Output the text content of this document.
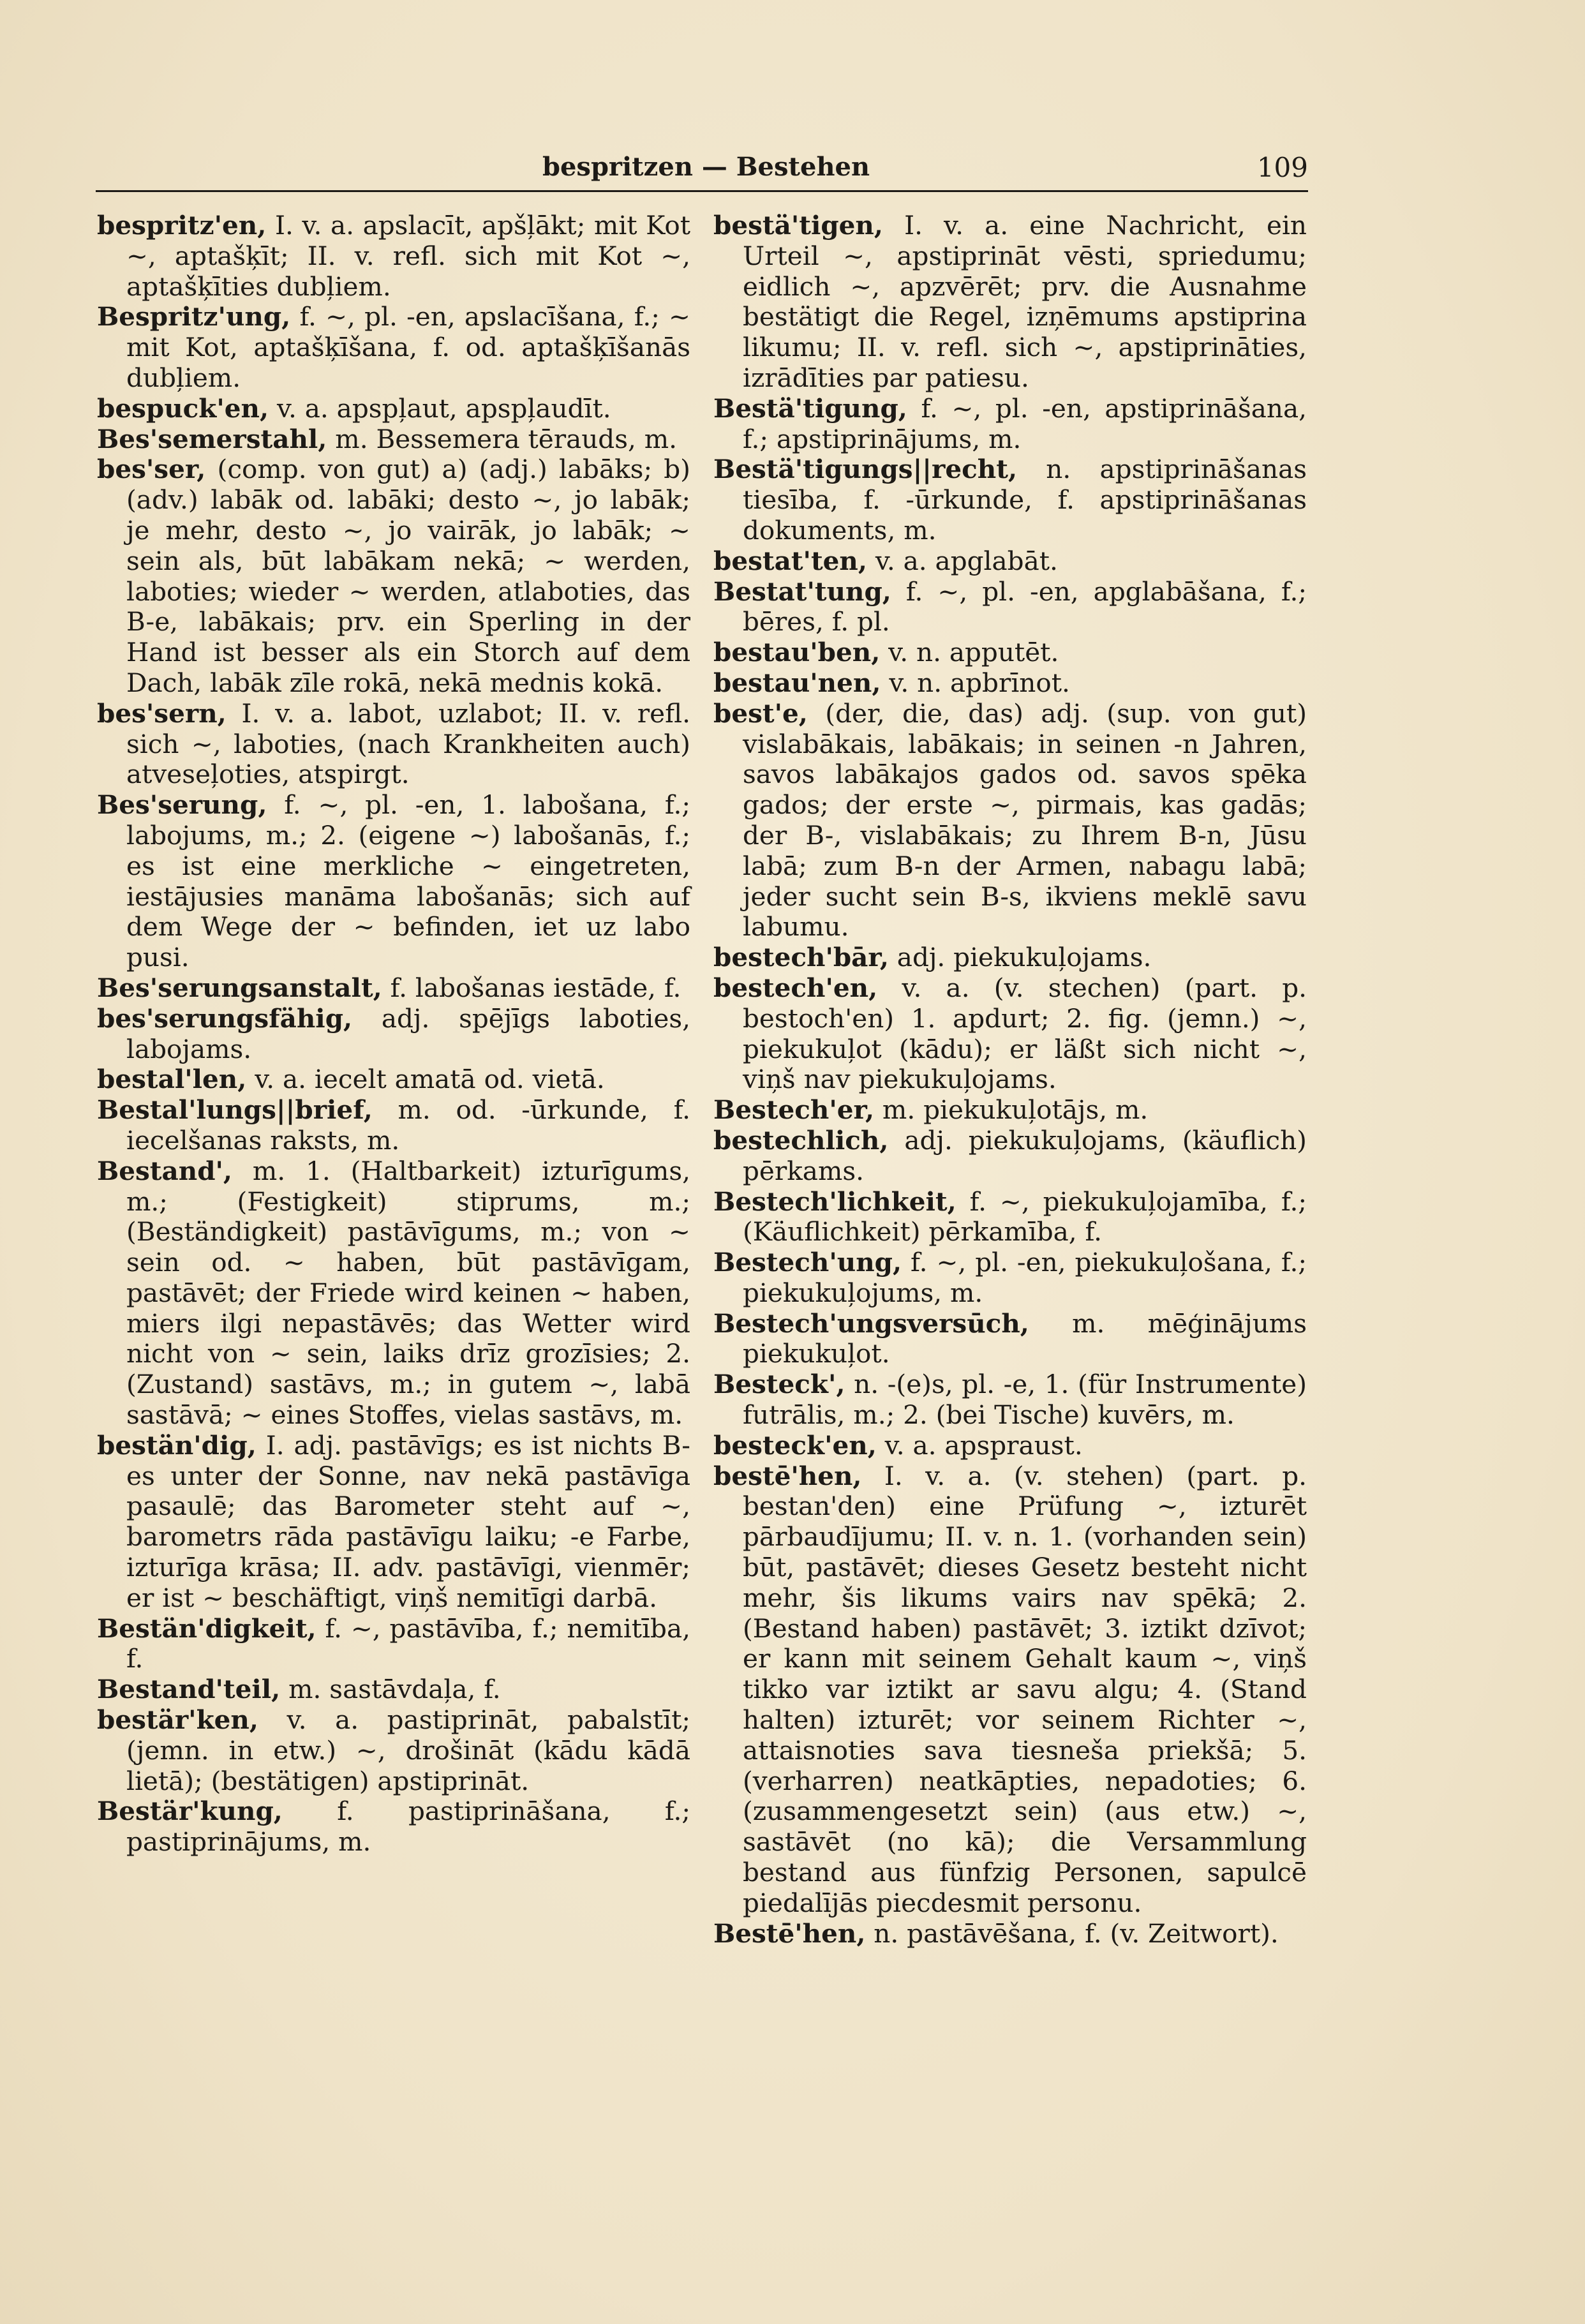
bespritzen — Bestehen	109

bespritz'en, I. v. a. apslacīt, apšļākt; mit Kot ~, aptašķīt; II. v. refl. sich mit Kot ~, aptašķīties dubļiem.

Bespritz'ung, f. ~, pl. -en, apslacīšana, f.; ~ mit Kot, aptašķīšana, f. od. aptašķīšanās dubļiem.

bespuck'en, v. a. apspļaut, apspļaudīt.

Bes'semerstahl, m. Bessemera tērauds, m.

bes'ser, (comp. von gut) a) (adj.) labāks; b) (adv.) labāk od. labāki; desto ~, jo labāk; je mehr, desto ~, jo vairāk, jo labāk; ~ sein als, būt labākam nekā; ~ werden, laboties; wieder ~ werden, atlaboties, das B-e, labākais; prv. ein Sperling in der Hand ist besser als ein Storch auf dem Dach, labāk zīle rokā, nekā mednis kokā.

bes'sern, I. v. a. labot, uzlabot; II. v. refl. sich ~, laboties, (nach Krankheiten auch) atveseļoties, atspirgt.

Bes'serung, f. ~, pl. -en, 1. labošana, f.; labojums, m.; 2. (eigene ~) labošanās, f.; es ist eine merkliche ~ eingetreten, iestājusies manāma labošanās; sich auf dem Wege der ~ befinden, iet uz labo pusi.

Bes'serungsanstalt, f. labošanas iestāde, f.

bes'serungsfähig, adj. spējīgs laboties, labojams.

bestal'len, v. a. iecelt amatā od. vietā.

Bestal'lungs||brief, m. od. -ūrkunde, f. iecelšanas raksts, m.

Bestand', m. 1. (Haltbarkeit) izturīgums, m.; (Festigkeit) stiprums, m.; (Beständigkeit) pastāvīgums, m.; von ~ sein od. ~ haben, būt pastāvīgam, pastāvēt; der Friede wird keinen ~ haben, miers ilgi nepastāvēs; das Wetter wird nicht von ~ sein, laiks drīz grozīsies; 2. (Zustand) sastāvs, m.; in gutem ~, labā sastāvā; ~ eines Stoffes, vielas sastāvs, m.

bestän'dig, I. adj. pastāvīgs; es ist nichts B-es unter der Sonne, nav nekā pastāvīga pasaulē; das Barometer steht auf ~, barometrs rāda pastāvīgu laiku; -e Farbe, izturīga krāsa; II. adv. pastāvīgi, vienmēr; er ist ~ beschäftigt, viņš nemitīgi darbā.

Bestän'digkeit, f. ~, pastāvība, f.; nemitība, f.

Bestand'teil, m. sastāvdaļa, f.

bestär'ken, v. a. pastiprināt, pabalstīt; (jemn. in etw.) ~, drošināt (kādu kādā lietā); (bestätigen) apstiprināt.

Bestär'kung, f. pastiprināšana, f.; pastiprinājums, m.

bestä'tigen, I. v. a. eine Nachricht, ein Urteil ~, apstiprināt vēsti, spriedumu; eidlich ~, apzvērēt; prv. die Ausnahme bestätigt die Regel, izņēmums apstiprina likumu; II. v. refl. sich ~, apstiprināties, izrādīties par patiesu.

Bestä'tigung, f. ~, pl. -en, apstiprināšana, f.; apstiprinājums, m.

Bestä'tigungs||recht, n. apstiprināšanas tiesība, f. -ūrkunde, f. apstiprināšanas dokuments, m.

bestat'ten, v. a. apglabāt.

Bestat'tung, f. ~, pl. -en, apglabāšana, f.; bēres, f. pl.

bestau'ben, v. n. apputēt.

bestau'nen, v. n. apbrīnot.

best'e, (der, die, das) adj. (sup. von gut) vislabākais, labākais; in seinen -n Jahren, savos labākajos gados od. savos spēka gados; der erste ~, pirmais, kas gadās; der B-, vislabākais; zu Ihrem B-n, Jūsu labā; zum B-n der Armen, nabagu labā; jeder sucht sein B-s, ikviens meklē savu labumu.

bestech'bār, adj. piekukuļojams.

bestech'en, v. a. (v. stechen) (part. p. bestoch'en) 1. apdurt; 2. fig. (jemn.) ~, piekukuļot (kādu); er läßt sich nicht ~, viņš nav piekukuļojams.

Bestech'er, m. piekukuļotājs, m.

bestechlich, adj. piekukuļojams, (käuflich) pērkams.

Bestech'lichkeit, f. ~, piekukuļojamība, f.; (Käuflichkeit) pērkamība, f.

Bestech'ung, f. ~, pl. -en, piekukuļošana, f.; piekukuļojums, m.

Bestech'ungsversūch, m. mēģinājums piekukuļot.

Besteck', n. -(e)s, pl. -e, 1. (für Instrumente) futrālis, m.; 2. (bei Tische) kuvērs, m.

besteck'en, v. a. apspraust.

bestē'hen, I. v. a. (v. stehen) (part. p. bestan'den) eine Prüfung ~, izturēt pārbaudījumu; II. v. n. 1. (vorhanden sein) būt, pastāvēt; dieses Gesetz besteht nicht mehr, šis likums vairs nav spēkā; 2. (Bestand haben) pastāvēt; 3. iztikt dzīvot; er kann mit seinem Gehalt kaum ~, viņš tikko var iztikt ar savu algu; 4. (Stand halten) izturēt; vor seinem Richter ~, attaisnoties sava tiesneša priekšā; 5. (verharren) neatkāpties, nepadoties; 6. (zusammengesetzt sein) (aus etw.) ~, sastāvēt (no kā); die Versammlung bestand aus fünfzig Personen, sapulcē piedalījās piecdesmit personu.

Bestē'hen, n. pastāvēšana, f. (v. Zeitwort).
